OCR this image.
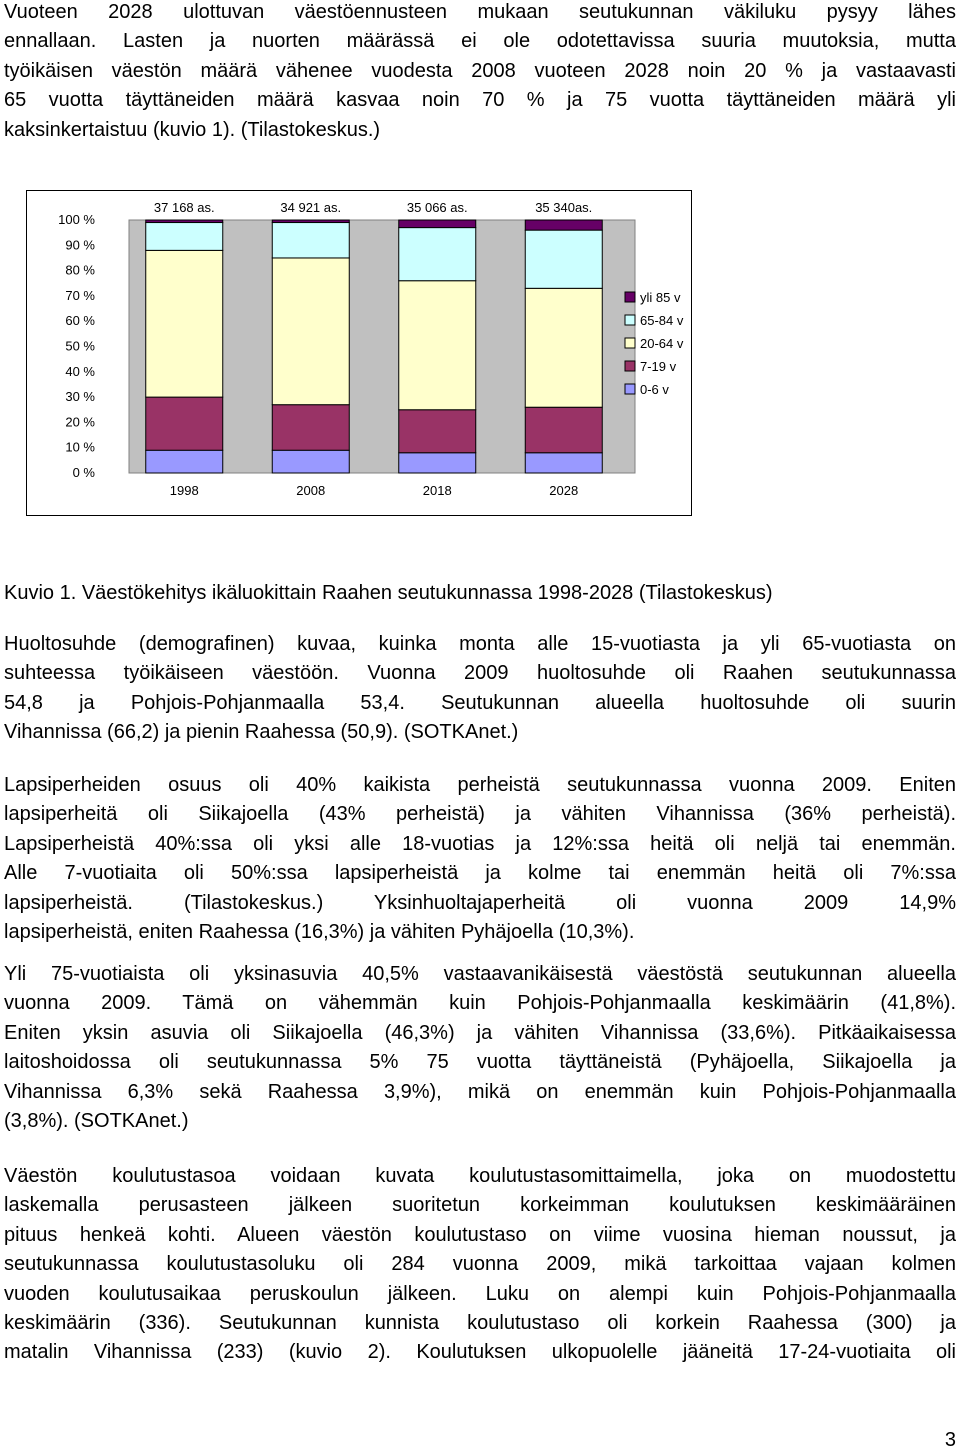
Vuoteen 2028 ulottuvan väestöennusteen mukaan seutukunnan väkiluku pysyy lähes
ennallaan. Lasten ja nuorten määrässä ei ole odotettavissa suuria muutoksia, mutta
työikäisen väestön määrä vähenee vuodesta 2008 vuoteen 2028 noin 20 % ja vastaavasti
65 vuotta täyttäneiden määrä kasvaa noin 70 % ja 75 vuotta täyttäneiden määrä yli
kaksinkertaistuu (kuvio 1). (Tilastokeskus.)
0 %
10 %
20 %
30 %
40 %
50 %
60 %
70 %
80 %
90 %
100 %
1998
37 168 as.
2008
34 921 as.
2018
35 066 as.
2028
35 340as.
yli 85 v
65-84 v
20-64 v
7-19 v
0-6 v
Kuvio 1. Väestökehitys ikäluokittain Raahen seutukunnassa 1998-2028 (Tilastokeskus)
Huoltosuhde (demografinen) kuvaa, kuinka monta alle 15-vuotiasta ja yli 65-vuotiasta on
suhteessa työikäiseen väestöön. Vuonna 2009 huoltosuhde oli Raahen seutukunnassa
54,8 ja Pohjois-Pohjanmaalla 53,4. Seutukunnan alueella huoltosuhde oli suurin
Vihannissa (66,2) ja pienin Raahessa (50,9). (SOTKAnet.)
Lapsiperheiden osuus oli 40% kaikista perheistä seutukunnassa vuonna 2009. Eniten
lapsiperheitä oli Siikajoella (43% perheistä) ja vähiten Vihannissa (36% perheistä).
Lapsiperheistä 40%:ssa oli yksi alle 18-vuotias ja 12%:ssa heitä oli neljä tai enemmän.
Alle 7-vuotiaita oli 50%:ssa lapsiperheistä ja kolme tai enemmän heitä oli 7%:ssa
lapsiperheistä. (Tilastokeskus.) Yksinhuoltajaperheitä oli vuonna 2009 14,9%
lapsiperheistä, eniten Raahessa (16,3%) ja vähiten Pyhäjoella (10,3%).
Yli 75-vuotiaista oli yksinasuvia 40,5% vastaavanikäisestä väestöstä seutukunnan alueella
vuonna 2009. Tämä on vähemmän kuin Pohjois-Pohjanmaalla keskimäärin (41,8%).
Eniten yksin asuvia oli Siikajoella (46,3%) ja vähiten Vihannissa (33,6%). Pitkäaikaisessa
laitoshoidossa oli seutukunnassa 5% 75 vuotta täyttäneistä (Pyhäjoella, Siikajoella ja
Vihannissa 6,3% sekä Raahessa 3,9%), mikä on enemmän kuin Pohjois-Pohjanmaalla
(3,8%). (SOTKAnet.)
Väestön koulutustasoa voidaan kuvata koulutustasomittaimella, joka on muodostettu
laskemalla perusasteen jälkeen suoritetun korkeimman koulutuksen keskimääräinen
pituus henkeä kohti. Alueen väestön koulutustaso on viime vuosina hieman noussut, ja
seutukunnassa koulutustasoluku oli 284 vuonna 2009, mikä tarkoittaa vajaan kolmen
vuoden koulutusaikaa peruskoulun jälkeen. Luku on alempi kuin Pohjois-Pohjanmaalla
keskimäärin (336). Seutukunnan kunnista koulutustaso oli korkein Raahessa (300) ja
matalin Vihannissa (233) (kuvio 2). Koulutuksen ulkopuolelle jääneitä 17-24-vuotiaita oli
3
